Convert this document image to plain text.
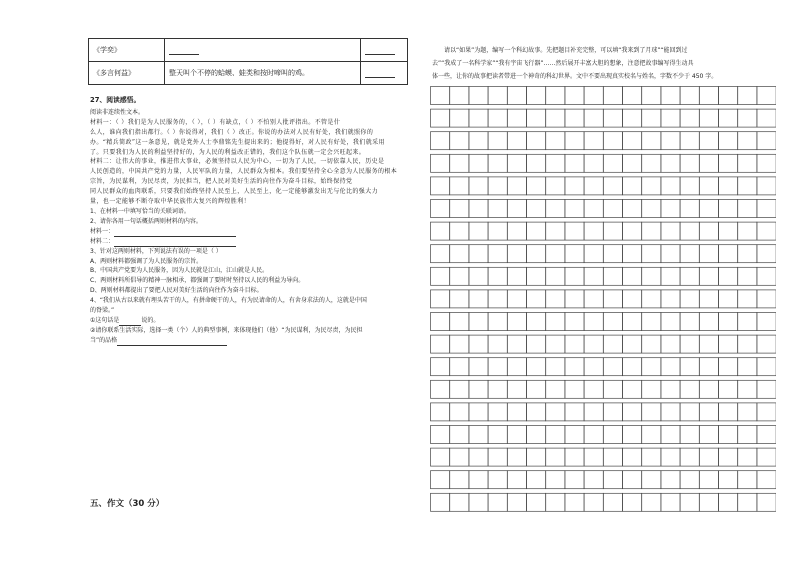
《学奕》		
《多言何益》	整天叫个不停的蛤蟆、蛙类和按时啼叫的鸡。	

27、阅读感悟。

阅读非连续性文本。

材料一：（ ）我们是为人民服务的，（ ），（ ）有缺点，（ ）不怕别人批评指出。不管是什

么人，谁向我们指出都行。（ ）你说得对，我们（ ）改正。你说的办法对人民有好处，我们就照你的

办。“精兵简政”这一条意见，就是党外人士李鼎铭先生提出来的；他提得好，对人民有好处，我们就采用

了。只要我们为人民的利益坚持好的，为人民的利益改正错的，我们这个队伍就一定会兴旺起来。

材料二：让伟大的事业，推进伟大事业，必须坚持以人民为中心，一切为了人民，一切依靠人民，历史是

人民创造的，中国共产党的力量，人民军队的力量，人民群众为根本。我们要坚持全心全意为人民服务的根本

宗旨，为民谋利，为民尽责，为民担当，把人民对美好生活的向往作为奋斗目标，始终保持党

同人民群众的血肉联系，只要我们始终坚持人民至上，人民至上，化一定能够激发出无与伦比的强大力

量，也一定能够不断夺取中华民族伟大复兴的辉煌胜利！

1、在材料一中填写恰当的关联词语。

2、请你各用一句话概括两则材料的内容。

材料一：

材料二：

3、针对这两则材料，下列说法有误的一项是（ ）

A、两则材料都强调了为人民服务的宗旨。

B、中国共产党要为人民服务，因为人民就是江山，江山就是人民。

C、两则材料所倡导的精神一脉相承，都强调了要时时坚持以人民的利益为导向。

D、两则材料都提出了要把人民对美好生活的向往作为奋斗目标。

4、“我们从古以来就有埋头苦干的人，有拼命硬干的人，有为民请命的人，有舍身求法的人，这就是中国

的脊梁。”

①这句话是	说的。

②请你联系生活实际，选择一类（个）人的典型事例，来体现他们（他）“为民谋利，为民尽责，为民担

当”的品格

五、作文（30 分）

请以“如果”为题，编写一个科幻故事。先把题目补充完整，可以填“我来到了月球”“能回到过

去”“我成了一名科学家”“我有宇宙飞行器”……然后展开丰富大胆的想象，注意把故事编写得生动具

体一些，让你的故事把读者带进一个神奇的科幻世界。文中不要出现真实校名与姓名，字数不少于 450 字。
